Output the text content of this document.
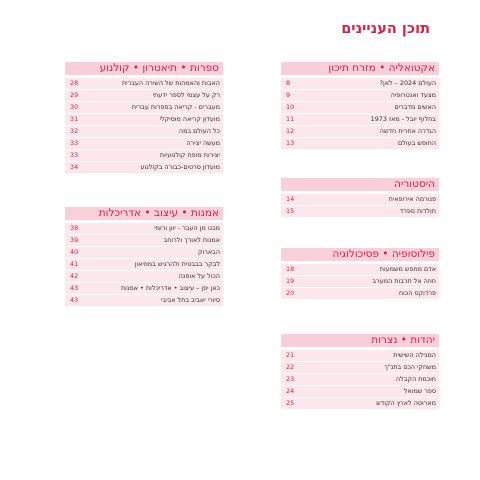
תוכן העניינים
אקטואליה • מזרח תיכון
העולם 2024 – לאן?
8
מצעד ואנטרופיה
9
האשים מדברים
10
בחלוף יובל - מאז 1973
11
הגדרה אחרית חדשה
12
החופש בעולם
13
היסטוריה
פנורמה אירופאית
14
תולדות ספרד
15
פילוסופיה • פסיכולוגיה
אדם מחפש משמעות
18
חוזה אל תרבות המערב
19
פרדוקס הכוח
20
יהדות • נצרות
המגילה השישית
21
משחקי הכס בתנ"ך
22
חוכמת הקבלה
23
ספר שמואל
24
מארוסה לארץ הקודש
25
ספרות • תיאטרון • קולנוע
האבות והאמהות של השירה העברית
28
רק על עצמי לספר ידעתי
29
מעברים - קריאה בספרות עברית
30
מועדון קריאה מוסיקלי
31
כל העולם במה
32
מעשה יצירה
33
יצירות מופת קולנועיות
33
מועדון סרטים-כבורה בקולנוע
34
אמנות • עיצוב • אדריכלות
מבט מן העבר - יוון ורומי
38
אמנות לאורך ולרוחב
39
הבארוק
40
לבקר בבבטית ולהרגיש במוזיאון
41
הכול על אופנה
42
כאן יפן – עיצוב • אדריכלות • אמנות
43
סיורי יאביב בתל אביבי
43
